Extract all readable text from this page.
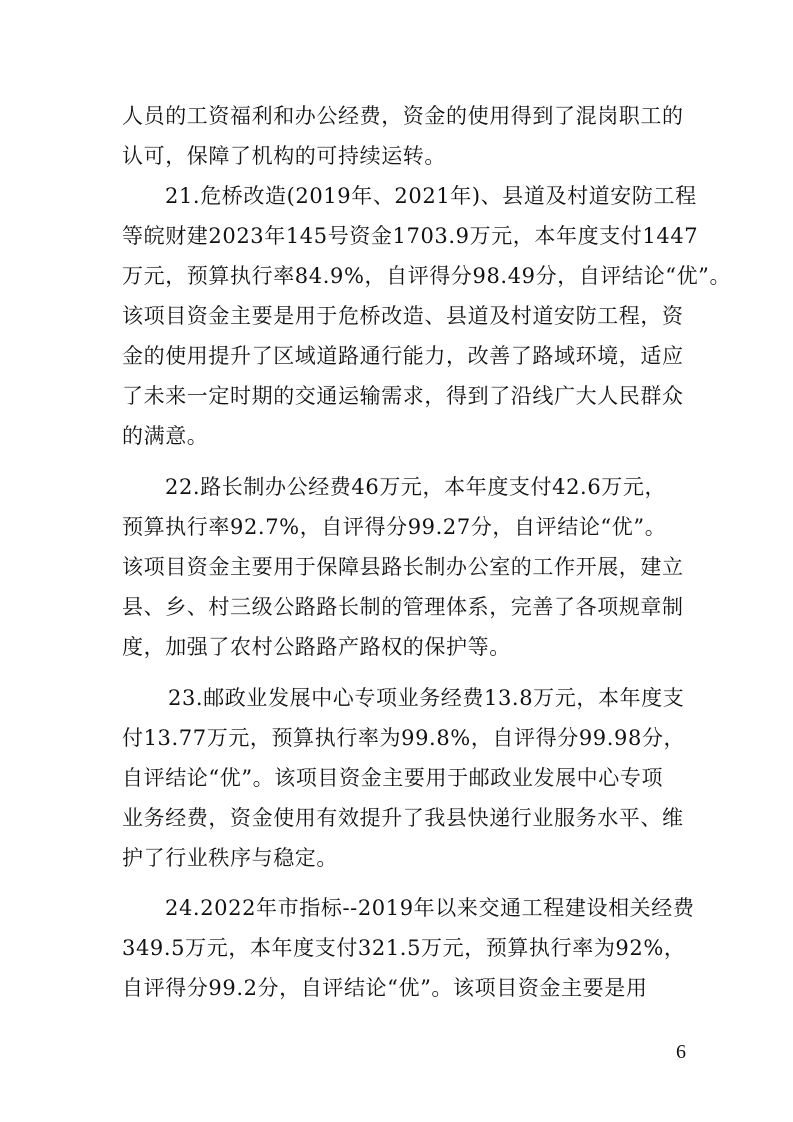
人员的工资福利和办公经费，资金的使用得到了混岗职工的
认可，保障了机构的可持续运转。
21.危桥改造(2019年、2021年)、县道及村道安防工程
等皖财建2023年145号资金1703.9万元，本年度支付1447
万元，预算执行率84.9%，自评得分98.49分，自评结论“优”。
该项目资金主要是用于危桥改造、县道及村道安防工程，资
金的使用提升了区域道路通行能力，改善了路域环境，适应
了未来一定时期的交通运输需求，得到了沿线广大人民群众
的满意。
22.路长制办公经费46万元，本年度支付42.6万元，
预算执行率92.7%，自评得分99.27分，自评结论“优”。
该项目资金主要用于保障县路长制办公室的工作开展，建立
县、乡、村三级公路路长制的管理体系，完善了各项规章制
度，加强了农村公路路产路权的保护等。
23.邮政业发展中心专项业务经费13.8万元，本年度支
付13.77万元，预算执行率为99.8%，自评得分99.98分，
自评结论“优”。该项目资金主要用于邮政业发展中心专项
业务经费，资金使用有效提升了我县快递行业服务水平、维
护了行业秩序与稳定。
24.2022年市指标--2019年以来交通工程建设相关经费
349.5万元，本年度支付321.5万元，预算执行率为92%，
自评得分99.2分，自评结论“优”。该项目资金主要是用
6
